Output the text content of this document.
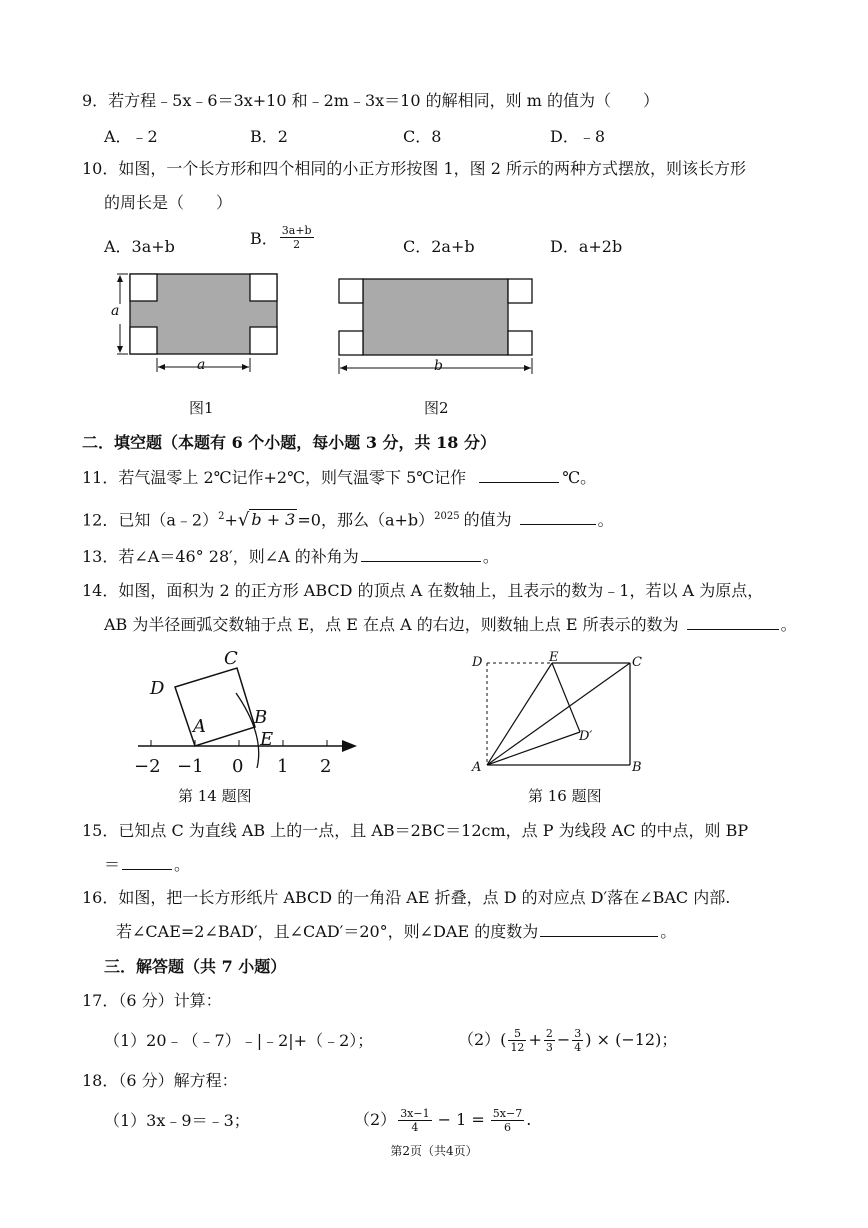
9．若方程﹣5x﹣6＝3x+10 和﹣2m﹣3x＝10 的解相同，则 m 的值为（　　）
A．﹣2	B．2	C．8	D．﹣8
10．如图，一个长方形和四个相同的小正方形按图 1，图 2 所示的两种方式摆放，则该长方形
的周长是（　　）
A．3a+b	B． $\frac{3a+b}{2}$	C．2a+b	D．a+2b
a
a
图1
b
图2
二．填空题（本题有 6 个小题，每小题 3 分，共 18 分）
11．若气温零上 2℃记作+2℃，则气温零下 5℃记作	℃。
12．已知（a﹣2）$^2$+√ b + 3 =0，那么$(a+b)^{2025}$ 的值为	。
13．若∠A＝46° 28′，则∠A 的补角为	。
14．如图，面积为 2 的正方形 ABCD 的顶点 A 在数轴上，且表示的数为﹣1，若以 A 为原点，
AB 为半径画弧交数轴于点 E，点 E 在点 A 的右边，则数轴上点 E 所表示的数为	。
C
D
A	B
E
−2 −1 0 1 2
第 14 题图
D	E	C
D′
A	B
第 16 题图
15．已知点 C 为直线 AB 上的一点，且 AB＝2BC＝12cm，点 P 为线段 AC 的中点，则 BP
＝	。
16．如图，把一长方形纸片 ABCD 的一角沿 AE 折叠，点 D 的对应点 D′落在∠BAC 内部.
若∠CAE=2∠BAD′，且∠CAD′＝20°，则∠DAE 的度数为	。
三．解答题（共 7 小题）
17．（6 分）计算：
（1）20﹣（﹣7）﹣|﹣2|+（﹣2）；	$(2)( \frac{5}{12} + \frac{2}{3} - \frac{3}{4}$ ) × (−12)；
18．（6 分）解方程：
（1）3x﹣9＝﹣3；	$(2) \frac{3x-1}{4} - 1 = \frac{5x-7}{6}$ .
第2页（共4页）
